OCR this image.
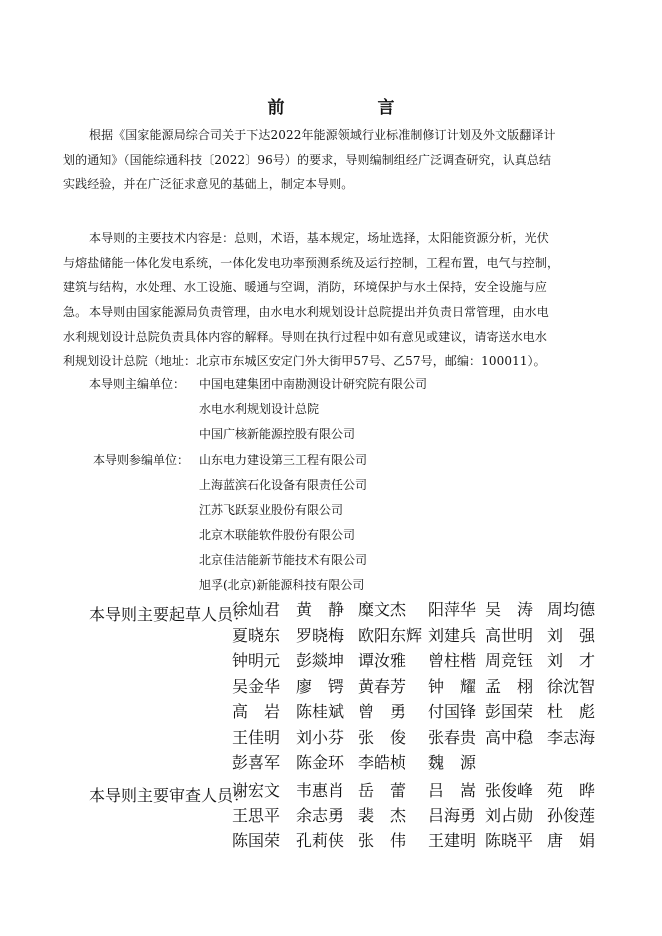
前　言
根据《国家能源局综合司关于下达2022年能源领域行业标准制修订计划及外文版翻译计
划的通知》（国能综通科技〔2022〕96号）的要求，导则编制组经广泛调查研究，认真总结
实践经验，并在广泛征求意见的基础上，制定本导则。
本导则的主要技术内容是：总则，术语，基本规定，场址选择，太阳能资源分析，光伏
与熔盐储能一体化发电系统，一体化发电功率预测系统及运行控制，工程布置，电气与控制，
建筑与结构，水处理、水工设施、暖通与空调，消防，环境保护与水土保持，安全设施与应
急。 本导则由国家能源局负责管理，由水电水利规划设计总院提出并负责日常管理，由水电
水利规划设计总院负责具体内容的解释。导则在执行过程中如有意见或建议，请寄送水电水
利规划设计总院（地址：北京市东城区安定门外大街甲57号、乙57号，邮编：100011）。
本导则主编单位： 中国电建集团中南勘测设计研究院有限公司
水电水利规划设计总院
中国广核新能源控股有限公司
本导则参编单位： 山东电力建设第三工程有限公司
上海蓝滨石化设备有限责任公司
江苏飞跃泵业股份有限公司
北京木联能软件股份有限公司
北京佳洁能新节能技术有限公司
旭孚(北京)新能源科技有限公司
本导则主要起草人员：
徐灿君 黄　静 糜文杰 阳萍华 吴　涛 周均德
夏晓东 罗晓梅 欧阳东辉 刘建兵 高世明 刘　强
钟明元 彭燚坤 谭汝雅 曾柱楷 周竞钰 刘　才
吴金华 廖　锷 黄春芳 钟　耀 孟　栩 徐沈智
高　岩 陈桂斌 曾　勇 付国锋 彭国荣 杜　彪
王佳明 刘小芬 张　俊 张春贵 高中稳 李志海
彭喜军 陈金环 李皓桢 魏　源
本导则主要审查人员：
谢宏文 韦惠肖 岳　蕾 吕　嵩 张俊峰 苑　晔
王思平 余志勇 裴　杰 吕海勇 刘占勋 孙俊莲
陈国荣 孔莉侠 张　伟 王建明 陈晓平 唐　娟
